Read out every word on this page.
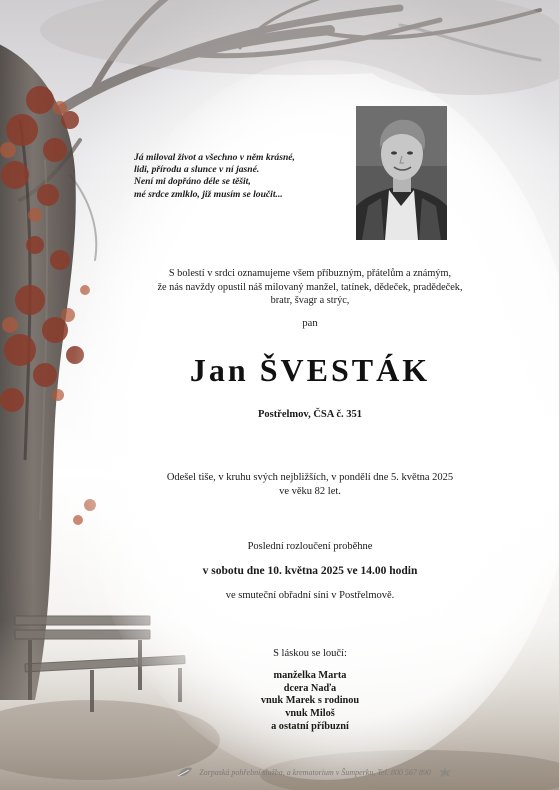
Já miloval život a všechno v něm krásné,
lidi, přírodu a slunce v ní jasné.
Není mi dopřáno déle se těšit,
mé srdce zmlklo, již musím se loučit...
S bolestí v srdci oznamujeme všem příbuzným, přátelům a známým,
že nás navždy opustil náš milovaný manžel, tatínek, dědeček, pradědeček,
bratr, švagr a strýc,
pan
Jan ŠVESTÁK
Postřelmov, ČSA č. 351
Odešel tiše, v kruhu svých nejbližších, v pondělí dne 5. května 2025
ve věku 82 let.
Poslední rozloučení proběhne
v sobotu dne 10. května 2025 ve 14.00 hodin
ve smuteční obřadní síni v Postřelmově.
S láskou se loučí:
manželka Marta
dcera Naďa
vnuk Marek s rodinou
vnuk Miloš
a ostatní příbuzní
Zorpaská pohřební služba, a krematorium v Šumperku, Tel. 800 567 890
